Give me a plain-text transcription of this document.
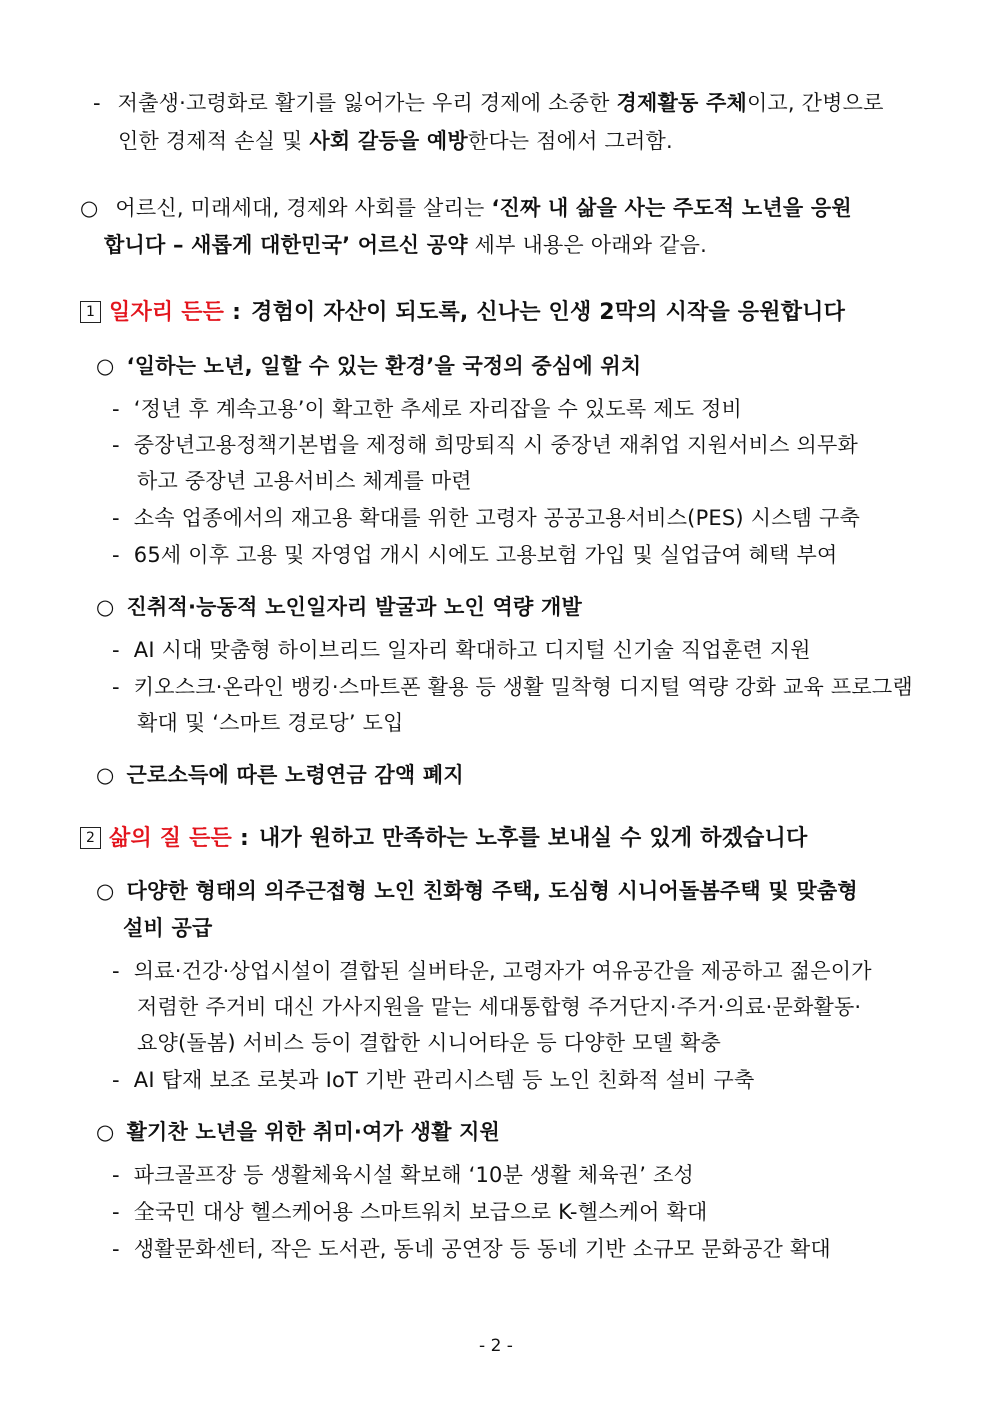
- 저출생·고령화로 활기를 잃어가는 우리 경제에 소중한 경제활동 주체이고, 간병으로
인한 경제적 손실 및 사회 갈등을 예방한다는 점에서 그러함.
○ 어르신, 미래세대, 경제와 사회를 살리는 ‘진짜 내 삶을 사는 주도적 노년을 응원
합니다 – 새롭게 대한민국’ 어르신 공약 세부 내용은 아래와 같음.
1 일자리 든든 : 경험이 자산이 되도록, 신나는 인생 2막의 시작을 응원합니다
○ ‘일하는 노년, 일할 수 있는 환경’을 국정의 중심에 위치
- ‘정년 후 계속고용’이 확고한 추세로 자리잡을 수 있도록 제도 정비
- 중장년고용정책기본법을 제정해 희망퇴직 시 중장년 재취업 지원서비스 의무화
하고 중장년 고용서비스 체계를 마련
- 소속 업종에서의 재고용 확대를 위한 고령자 공공고용서비스(PES) 시스템 구축
- 65세 이후 고용 및 자영업 개시 시에도 고용보험 가입 및 실업급여 혜택 부여
○ 진취적·능동적 노인일자리 발굴과 노인 역량 개발
- AI 시대 맞춤형 하이브리드 일자리 확대하고 디지털 신기술 직업훈련 지원
- 키오스크·온라인 뱅킹·스마트폰 활용 등 생활 밀착형 디지털 역량 강화 교육 프로그램
확대 및 ‘스마트 경로당’ 도입
○ 근로소득에 따른 노령연금 감액 폐지
2 삶의 질 든든 : 내가 원하고 만족하는 노후를 보내실 수 있게 하겠습니다
○ 다양한 형태의 의주근접형 노인 친화형 주택, 도심형 시니어돌봄주택 및 맞춤형
설비 공급
- 의료·건강·상업시설이 결합된 실버타운, 고령자가 여유공간을 제공하고 젊은이가
저렴한 주거비 대신 가사지원을 맡는 세대통합형 주거단지·주거·의료·문화활동·
요양(돌봄) 서비스 등이 결합한 시니어타운 등 다양한 모델 확충
- AI 탑재 보조 로봇과 IoT 기반 관리시스템 등 노인 친화적 설비 구축
○ 활기찬 노년을 위한 취미·여가 생활 지원
- 파크골프장 등 생활체육시설 확보해 ‘10분 생활 체육권’ 조성
- 全국민 대상 헬스케어용 스마트워치 보급으로 K-헬스케어 확대
- 생활문화센터, 작은 도서관, 동네 공연장 등 동네 기반 소규모 문화공간 확대
- 2 -
